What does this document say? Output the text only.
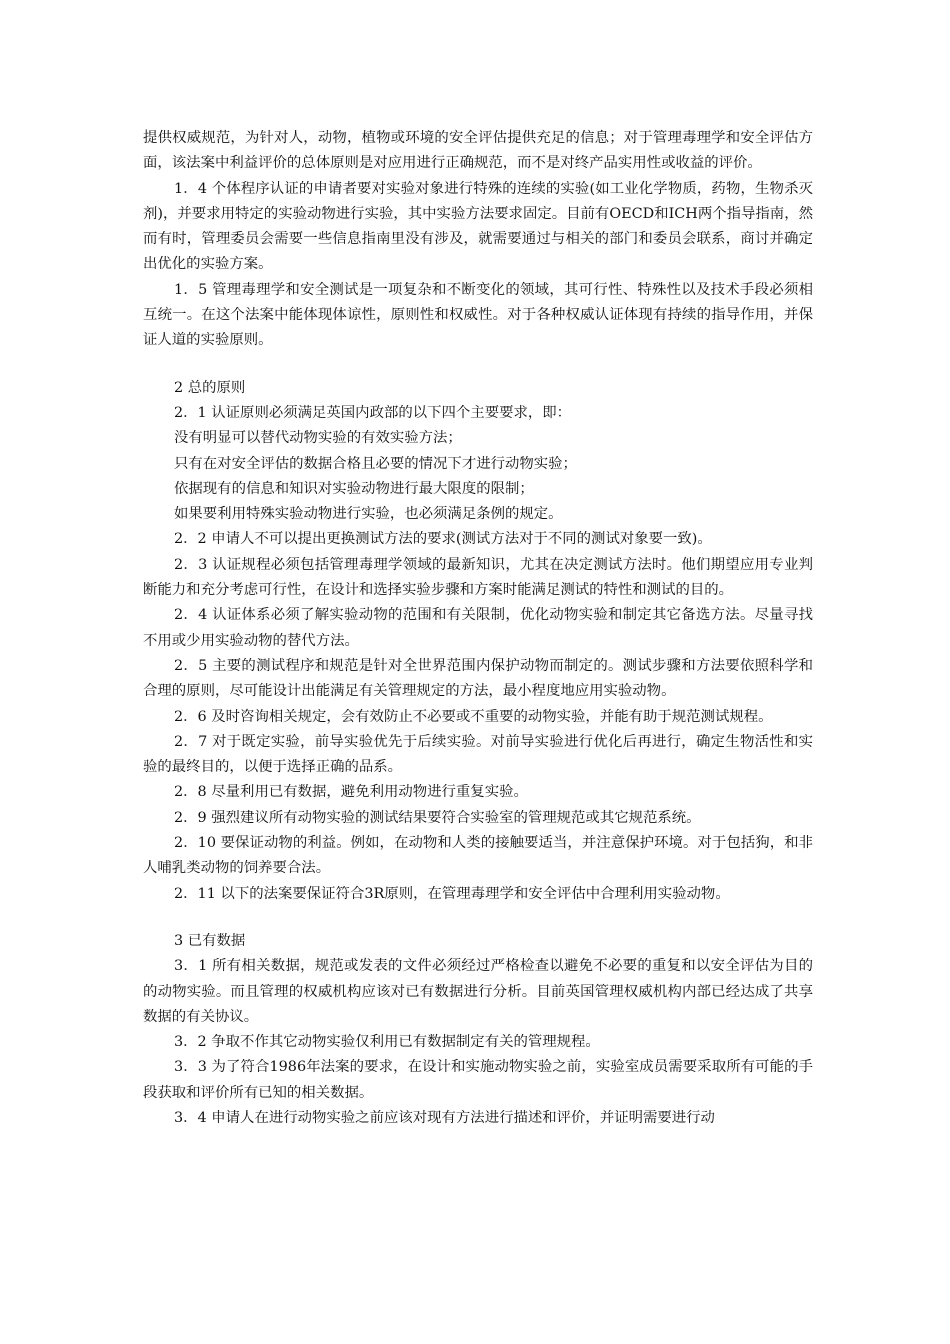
提供权威规范，为针对人，动物，植物或环境的安全评估提供充足的信息；对于管理毒理学和安全评估方面，该法案中利益评价的总体原则是对应用进行正确规范，而不是对终产品实用性或收益的评价。

1．4 个体程序认证的申请者要对实验对象进行特殊的连续的实验(如工业化学物质，药物，生物杀灭剂)，并要求用特定的实验动物进行实验，其中实验方法要求固定。目前有OECD和ICH两个指导指南，然而有时，管理委员会需要一些信息指南里没有涉及，就需要通过与相关的部门和委员会联系，商讨并确定出优化的实验方案。

1．5 管理毒理学和安全测试是一项复杂和不断变化的领域，其可行性、特殊性以及技术手段必须相互统一。在这个法案中能体现体谅性，原则性和权威性。对于各种权威认证体现有持续的指导作用，并保证人道的实验原则。

2 总的原则

2．1 认证原则必须满足英国内政部的以下四个主要要求，即：

没有明显可以替代动物实验的有效实验方法；

只有在对安全评估的数据合格且必要的情况下才进行动物实验；

依据现有的信息和知识对实验动物进行最大限度的限制；

如果要利用特殊实验动物进行实验，也必须满足条例的规定。

2．2 申请人不可以提出更换测试方法的要求(测试方法对于不同的测试对象要一致)。

2．3 认证规程必须包括管理毒理学领域的最新知识，尤其在决定测试方法时。他们期望应用专业判断能力和充分考虑可行性，在设计和选择实验步骤和方案时能满足测试的特性和测试的目的。

2．4 认证体系必须了解实验动物的范围和有关限制，优化动物实验和制定其它备选方法。尽量寻找不用或少用实验动物的替代方法。

2．5 主要的测试程序和规范是针对全世界范围内保护动物而制定的。测试步骤和方法要依照科学和合理的原则，尽可能设计出能满足有关管理规定的方法，最小程度地应用实验动物。

2．6 及时咨询相关规定，会有效防止不必要或不重要的动物实验，并能有助于规范测试规程。

2．7 对于既定实验，前导实验优先于后续实验。对前导实验进行优化后再进行，确定生物活性和实验的最终目的，以便于选择正确的品系。

2．8 尽量利用已有数据，避免利用动物进行重复实验。

2．9 强烈建议所有动物实验的测试结果要符合实验室的管理规范或其它规范系统。

2．10 要保证动物的利益。例如，在动物和人类的接触要适当，并注意保护环境。对于包括狗，和非人哺乳类动物的饲养要合法。

2．11 以下的法案要保证符合3R原则，在管理毒理学和安全评估中合理利用实验动物。

3 已有数据

3．1 所有相关数据，规范或发表的文件必须经过严格检查以避免不必要的重复和以安全评估为目的的动物实验。而且管理的权威机构应该对已有数据进行分析。目前英国管理权威机构内部已经达成了共享数据的有关协议。

3．2 争取不作其它动物实验仅利用已有数据制定有关的管理规程。

3．3 为了符合1986年法案的要求，在设计和实施动物实验之前，实验室成员需要采取所有可能的手段获取和评价所有已知的相关数据。

3．4 申请人在进行动物实验之前应该对现有方法进行描述和评价，并证明需要进行动
